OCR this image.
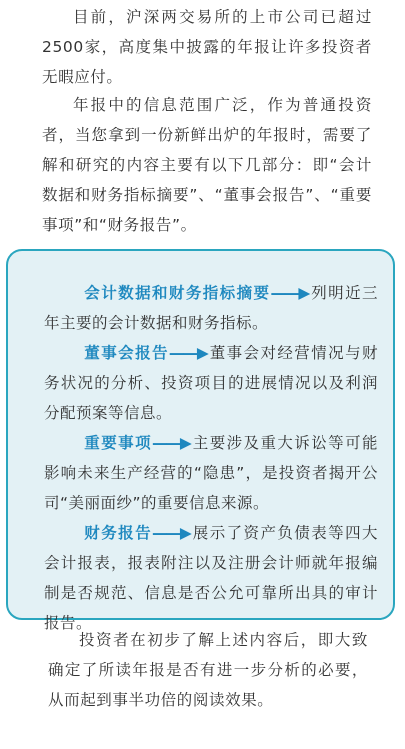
目前，沪深两交易所的上市公司已超过2500家，高度集中披露的年报让许多投资者无暇应付。

年报中的信息范围广泛，作为普通投资者，当您拿到一份新鲜出炉的年报时，需要了解和研究的内容主要有以下几部分：即“会计数据和财务指标摘要”、“董事会报告”、“重要事项”和“财务报告”。

会计数据和财务指标摘要——▶ 列明近三年主要的会计数据和财务指标。

董事会报告——▶ 董事会对经营情况与财务状况的分析、投资项目的进展情况以及利润分配预案等信息。

重要事项——▶ 主要涉及重大诉讼等可能影响未来生产经营的“隐患”，是投资者揭开公司“美丽面纱”的重要信息来源。

财务报告——▶ 展示了资产负债表等四大会计报表，报表附注以及注册会计师就年报编制是否规范、信息是否公允可靠所出具的审计报告。

投资者在初步了解上述内容后，即大致确定了所读年报是否有进一步分析的必要，从而起到事半功倍的阅读效果。
